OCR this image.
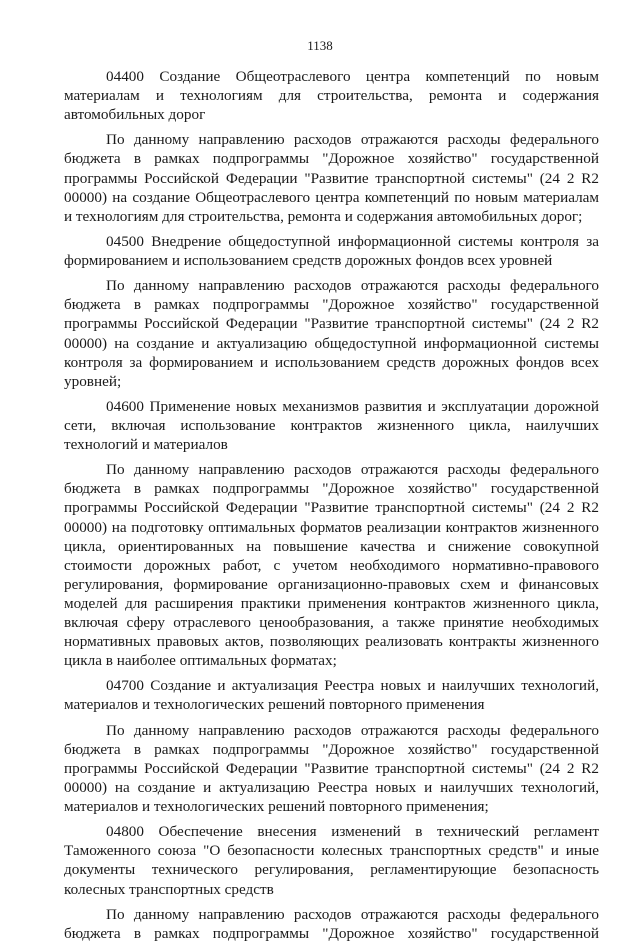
1138

04400 Создание Общеотраслевого центра компетенций по новым материалам и технологиям для строительства, ремонта и содержания автомобильных дорог

По данному направлению расходов отражаются расходы федерального бюджета в рамках подпрограммы "Дорожное хозяйство" государственной программы Российской Федерации "Развитие транспортной системы" (24 2 R2 00000) на создание Общеотраслевого центра компетенций по новым материалам и технологиям для строительства, ремонта и содержания автомобильных дорог;

04500 Внедрение общедоступной информационной системы контроля за формированием и использованием средств дорожных фондов всех уровней

По данному направлению расходов отражаются расходы федерального бюджета в рамках подпрограммы "Дорожное хозяйство" государственной программы Российской Федерации "Развитие транспортной системы" (24 2 R2 00000) на создание и актуализацию общедоступной информационной системы контроля за формированием и использованием средств дорожных фондов всех уровней;

04600 Применение новых механизмов развития и эксплуатации дорожной сети, включая использование контрактов жизненного цикла, наилучших технологий и материалов

По данному направлению расходов отражаются расходы федерального бюджета в рамках подпрограммы "Дорожное хозяйство" государственной программы Российской Федерации "Развитие транспортной системы" (24 2 R2 00000) на подготовку оптимальных форматов реализации контрактов жизненного цикла, ориентированных на повышение качества и снижение совокупной стоимости дорожных работ, с учетом необходимого нормативно-правового регулирования, формирование организационно-правовых схем и финансовых моделей для расширения практики применения контрактов жизненного цикла, включая сферу отраслевого ценообразования, а также принятие необходимых нормативных правовых актов, позволяющих реализовать контракты жизненного цикла в наиболее оптимальных форматах;

04700 Создание и актуализация Реестра новых и наилучших технологий, материалов и технологических решений повторного применения

По данному направлению расходов отражаются расходы федерального бюджета в рамках подпрограммы "Дорожное хозяйство" государственной программы Российской Федерации "Развитие транспортной системы" (24 2 R2 00000) на создание и актуализацию Реестра новых и наилучших технологий, материалов и технологических решений повторного применения;

04800 Обеспечение внесения изменений в технический регламент Таможенного союза "О безопасности колесных транспортных средств" и иные документы технического регулирования, регламентирующие безопасность колесных транспортных средств

По данному направлению расходов отражаются расходы федерального бюджета в рамках подпрограммы "Дорожное хозяйство" государственной
